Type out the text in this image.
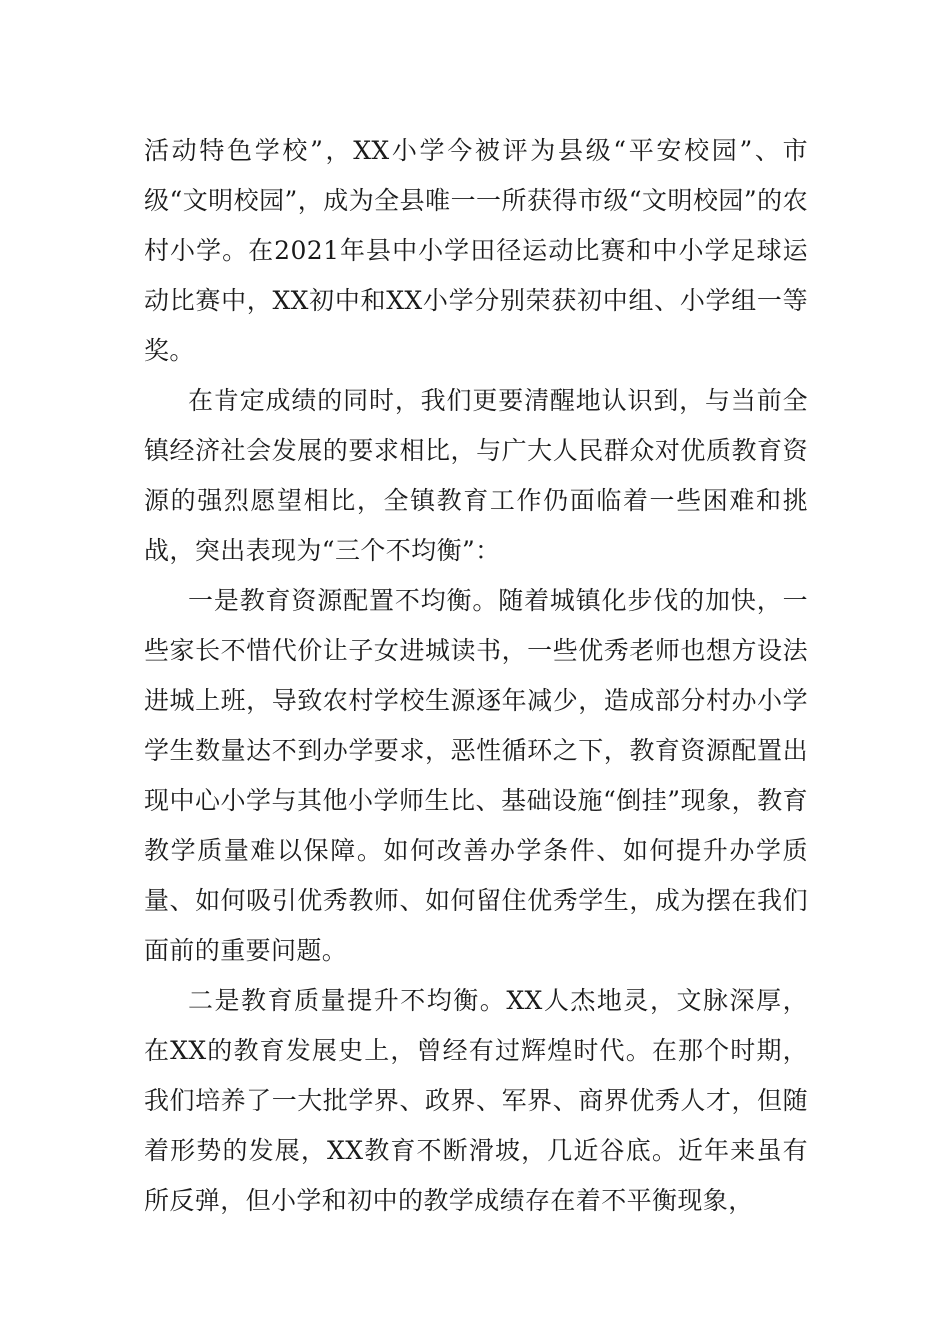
活动特色学校”，XX小学今被评为县级“平安校园”、市级“文明校园”，成为全县唯一一所获得市级“文明校园”的农村小学。在2021年县中小学田径运动比赛和中小学足球运动比赛中，XX初中和XX小学分别荣获初中组、小学组一等奖。

在肯定成绩的同时，我们更要清醒地认识到，与当前全镇经济社会发展的要求相比，与广大人民群众对优质教育资源的强烈愿望相比，全镇教育工作仍面临着一些困难和挑战，突出表现为“三个不均衡”：

一是教育资源配置不均衡。随着城镇化步伐的加快，一些家长不惜代价让子女进城读书，一些优秀老师也想方设法进城上班，导致农村学校生源逐年减少，造成部分村办小学学生数量达不到办学要求，恶性循环之下，教育资源配置出现中心小学与其他小学师生比、基础设施“倒挂”现象，教育教学质量难以保障。如何改善办学条件、如何提升办学质量、如何吸引优秀教师、如何留住优秀学生，成为摆在我们面前的重要问题。

二是教育质量提升不均衡。XX人杰地灵，文脉深厚，在XX的教育发展史上，曾经有过辉煌时代。在那个时期，我们培养了一大批学界、政界、军界、商界优秀人才，但随着形势的发展，XX教育不断滑坡，几近谷底。近年来虽有所反弹，但小学和初中的教学成绩存在着不平衡现象，
